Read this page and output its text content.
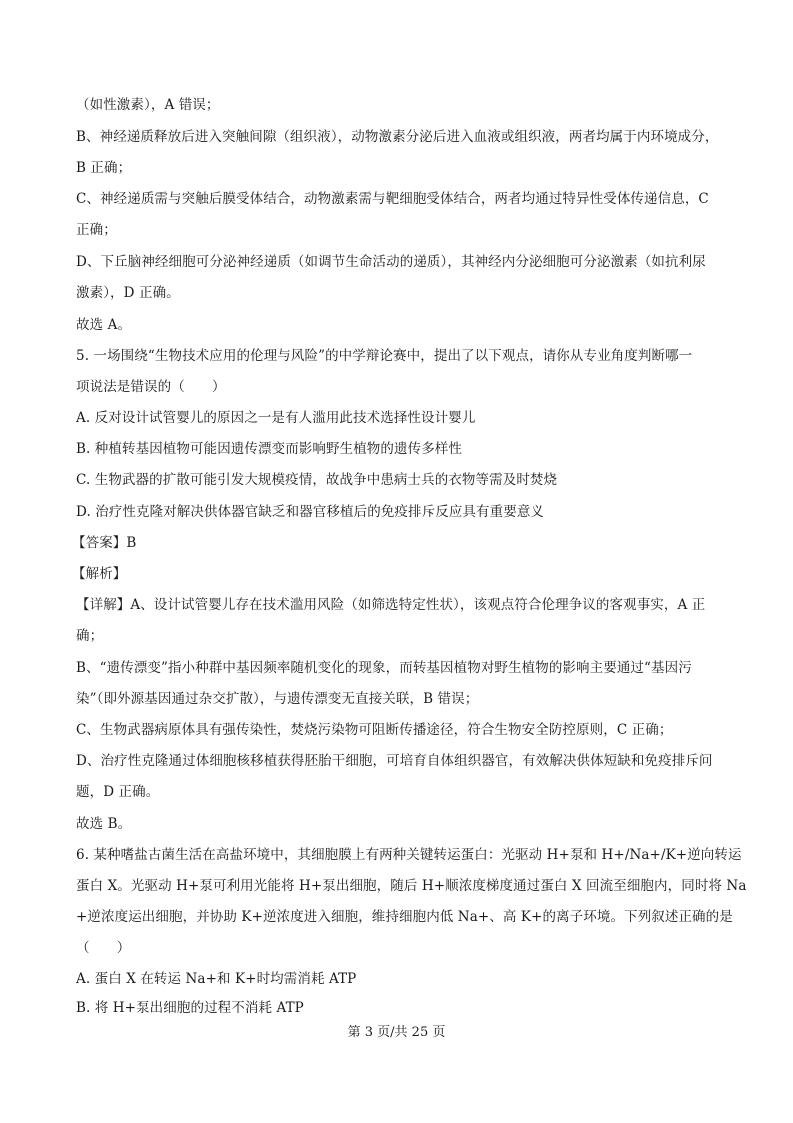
（如性激素），A 错误；
B、神经递质释放后进入突触间隙（组织液），动物激素分泌后进入血液或组织液，两者均属于内环境成分，
B 正确；
C、神经递质需与突触后膜受体结合，动物激素需与靶细胞受体结合，两者均通过特异性受体传递信息，C
正确；
D、下丘脑神经细胞可分泌神经递质（如调节生命活动的递质），其神经内分泌细胞可分泌激素（如抗利尿
激素），D 正确。
故选 A。
5. 一场围绕“生物技术应用的伦理与风险”的中学辩论赛中，提出了以下观点，请你从专业角度判断哪一
项说法是错误的（　　）
A. 反对设计试管婴儿的原因之一是有人滥用此技术选择性设计婴儿
B. 种植转基因植物可能因遗传漂变而影响野生植物的遗传多样性
C. 生物武器的扩散可能引发大规模疫情，故战争中患病士兵的衣物等需及时焚烧
D. 治疗性克隆对解决供体器官缺乏和器官移植后的免疫排斥反应具有重要意义
【答案】B
【解析】
【详解】A、设计试管婴儿存在技术滥用风险（如筛选特定性状），该观点符合伦理争议的客观事实，A 正
确；
B、“遗传漂变”指小种群中基因频率随机变化的现象，而转基因植物对野生植物的影响主要通过“基因污
染”（即外源基因通过杂交扩散），与遗传漂变无直接关联，B 错误；
C、生物武器病原体具有强传染性，焚烧污染物可阻断传播途径，符合生物安全防控原则，C 正确；
D、治疗性克隆通过体细胞核移植获得胚胎干细胞，可培育自体组织器官，有效解决供体短缺和免疫排斥问
题，D 正确。
故选 B。
6. 某种嗜盐古菌生活在高盐环境中，其细胞膜上有两种关键转运蛋白：光驱动 H+泵和 H+/Na+/K+逆向转运
蛋白 X。光驱动 H+泵可利用光能将 H+泵出细胞，随后 H+顺浓度梯度通过蛋白 X 回流至细胞内，同时将 Na
+逆浓度运出细胞，并协助 K+逆浓度进入细胞，维持细胞内低 Na+、高 K+的离子环境。下列叙述正确的是
（　　）
A. 蛋白 X 在转运 Na+和 K+时均需消耗 ATP
B. 将 H+泵出细胞的过程不消耗 ATP
第 3 页/共 25 页
